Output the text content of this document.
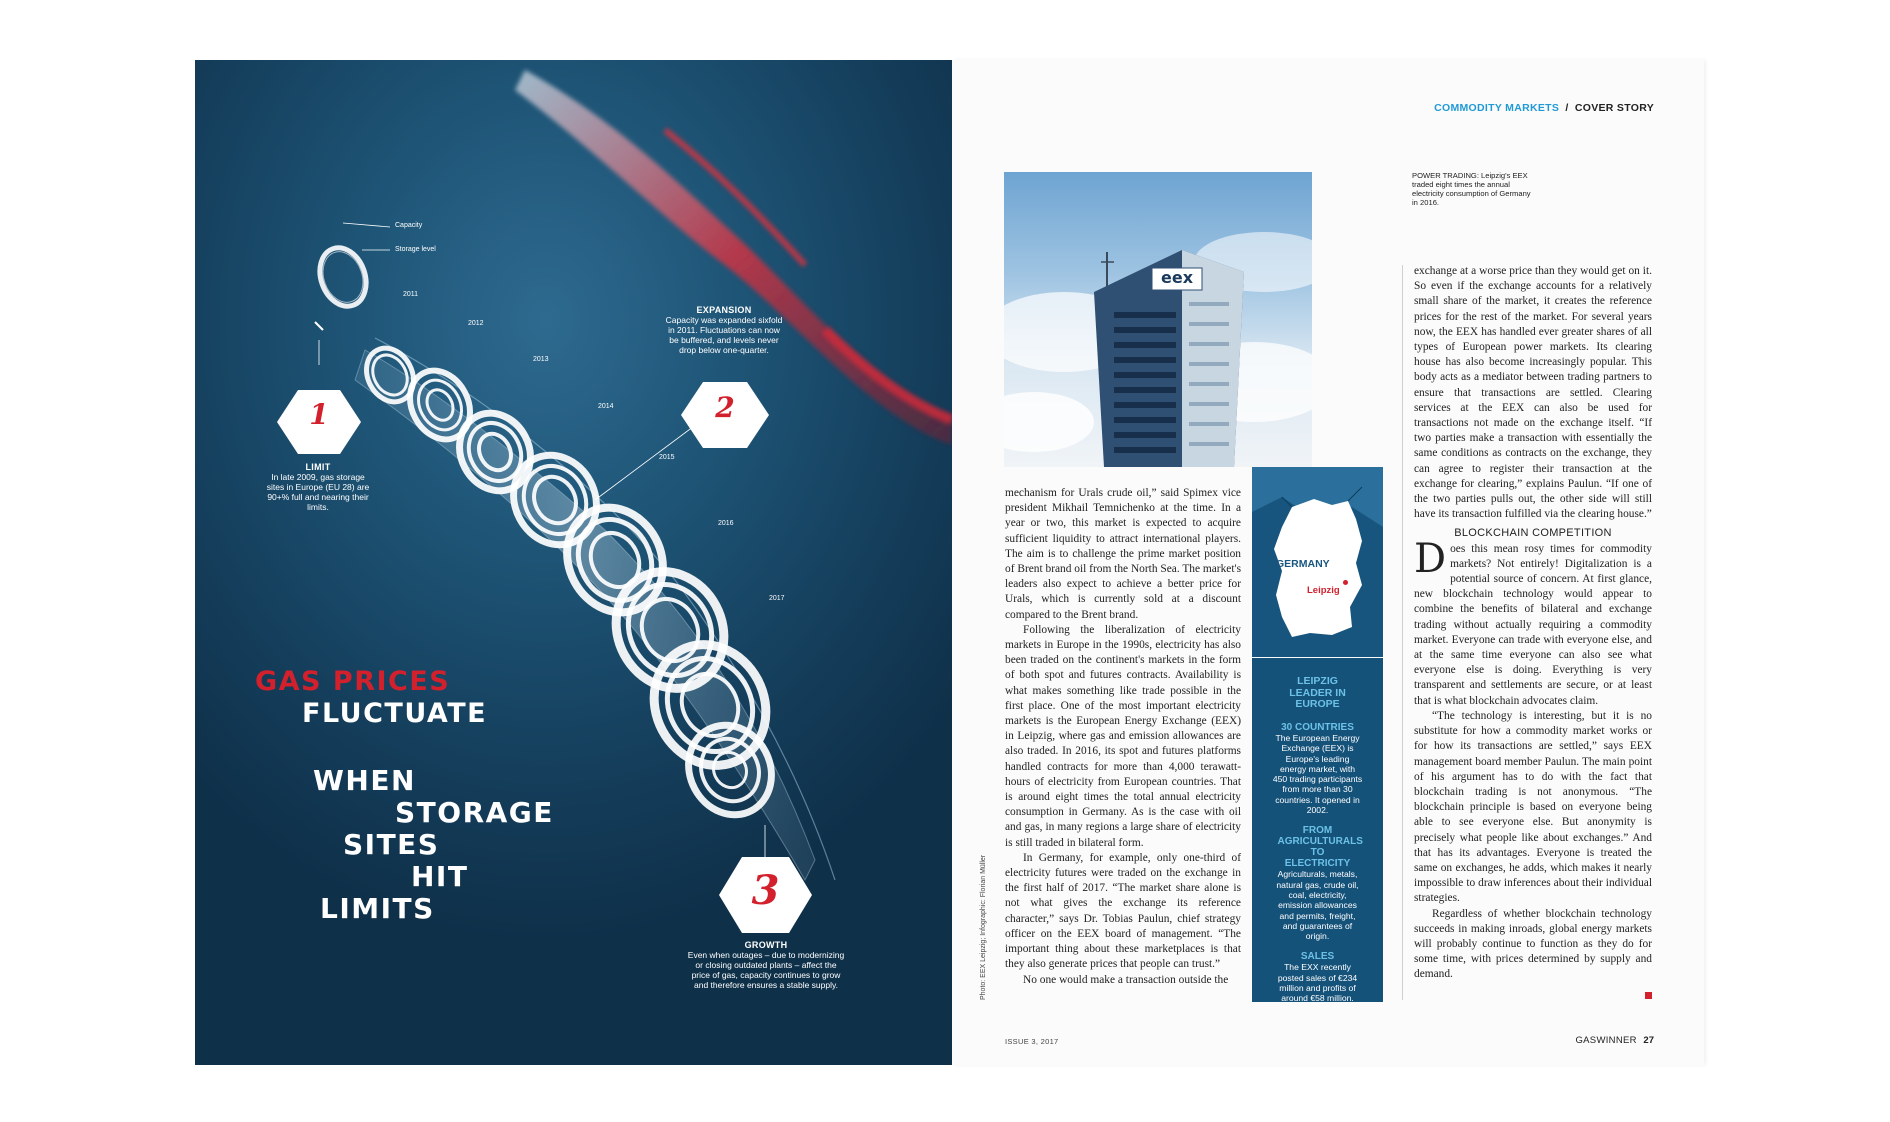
Capacity
Storage level
2011
2012
2013
2014
2015
2016
2017
1	2
3
LIMIT
In late 2009, gas storage sites in Europe (EU 28) are 90+% full and nearing their limits.
EXPANSION
Capacity was expanded sixfold in 2011. Fluctuations can now be buffered, and levels never drop below one-quarter.
GROWTH
Even when outages – due to modernizing or closing outdated plants – affect the price of gas, capacity continues to grow and therefore ensures a stable supply.
GAS PRICES
FLUCTUATE
WHEN
STORAGE
SITES
HIT
LIMITS
COMMODITY MARKETS / COVER STORY
eex
POWER TRADING: Leipzig's EEX traded eight times the annual electricity consumption of Germany in 2016.

mechanism for Urals crude oil,” said Spimex vice president Mikhail Temnichenko at the time. In a year or two, this market is expected to acquire sufficient liquidity to attract international players. The aim is to challenge the prime market position of Brent brand oil from the North Sea. The market's leaders also expect to achieve a better price for Urals, which is currently sold at a discount compared to the Brent brand.

Following the liberalization of electricity markets in Europe in the 1990s, electricity has also been traded on the continent's markets in the form of both spot and futures contracts. Availability is what makes something like trade possible in the first place. One of the most important electricity markets is the European Energy Exchange (EEX) in Leipzig, where gas and emission allowances are also traded. In 2016, its spot and futures platforms handled contracts for more than 4,000 terawatt-hours of electricity from European countries. That is around eight times the total annual electricity consumption in Germany. As is the case with oil and gas, in many regions a large share of electricity is still traded in bilateral form.

In Germany, for example, only one-third of electricity futures were traded on the exchange in the first half of 2017. “The market share alone is not what gives the exchange its reference character,” says Dr. Tobias Paulun, chief strategy officer on the EEX board of management. “The important thing about these marketplaces is that they also generate prices that people can trust.”

No one would make a transaction outside the

GERMANY
Leipzig
LEIPZIG
LEADER IN EUROPE
30 COUNTRIES
The European Energy Exchange (EEX) is Europe's leading energy market, with 450 trading participants from more than 30 countries. It opened in 2002.
FROM AGRICULTURALS TO ELECTRICITY
Agriculturals, metals, natural gas, crude oil, coal, electricity, emission allowances and permits, freight, and guarantees of origin.
SALES
The EXX recently posted sales of €234 million and profits of around €58 million.

exchange at a worse price than they would get on it. So even if the exchange accounts for a relatively small share of the market, it creates the reference prices for the rest of the market. For several years now, the EEX has handled ever greater shares of all types of European power markets. Its clearing house has also become increasingly popular. This body acts as a mediator between trading partners to ensure that transactions are settled. Clearing services at the EEX can also be used for transactions not made on the exchange itself. “If two parties make a transaction with essentially the same conditions as contracts on the exchange, they can agree to register their transaction at the exchange for clearing,” explains Paulun. “If one of the two parties pulls out, the other side will still have its transaction fulfilled via the clearing house.”

BLOCKCHAIN COMPETITION

Does this mean rosy times for commodity markets? Not entirely! Digitalization is a potential source of concern. At first glance, new blockchain technology would appear to combine the benefits of bilateral and exchange trading without actually requiring a commodity market. Everyone can trade with everyone else, and at the same time everyone can also see what everyone else is doing. Everything is very transparent and settlements are secure, or at least that is what blockchain advocates claim.

“The technology is interesting, but it is no substitute for how a commodity market works or for how its transactions are settled,” says EEX management board member Paulun. The main point of his argument has to do with the fact that blockchain trading is not anonymous. “The blockchain principle is based on everyone being able to see everyone else. But anonymity is precisely what people like about exchanges.” And that has its advantages. Everyone is treated the same on exchanges, he adds, which makes it nearly impossible to draw inferences about their individual strategies.

Regardless of whether blockchain technology succeeds in making inroads, global energy markets will probably continue to function as they do for some time, with prices determined by supply and demand.

ISSUE 3, 2017	GASWINNER 27
Photo: EEX Leipzig; Infographic: Florian Müller
